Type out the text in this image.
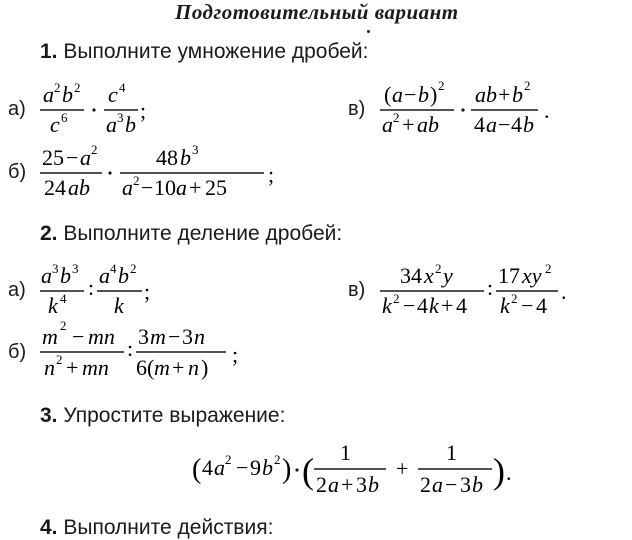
Подготовительный вариант
1. Выполните умножение дробей:
а)
a 2 b 2
c 6
c 4
a 3 b
;	в)
( a − b ) 2
a 2 + ab
ab + b 2
4 a − 4 b
.
б)
25 − a 2
24 ab
48 b 3
a 2 − 10 a + 25
;
2. Выполните деление дробей:
а)
a 3 b 3
k 4 : a 4 b 2
k
;	в)
34 x 2 y
k 2 − 4 k + 4
: 17 xy 2
k 2 − 4
.
б)
m 2 − mn
n 2 + mn
: 3 m − 3 n
6( m + n )
;
3. Упростите выражение:
( 4 a 2 − 9 b 2 ) ( 1
2 a + 3 b
+
1
2 a − 3 b ) .
4. Выполните действия:
